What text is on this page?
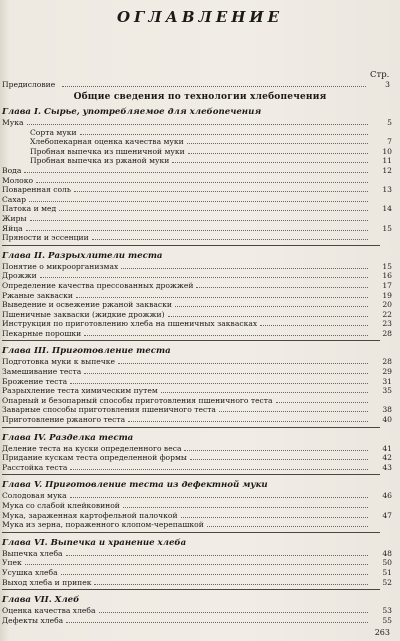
ОГЛАВЛЕНИЕ
Стр.
Предисловие	3
Общие сведения по технологии хлебопечения
Глава I. Сырье, употребляемое для хлебопечения
Мука	5
Сорта муки
Хлебопекарная оценка качества муки	7
Пробная выпечка из пшеничной муки	10
Пробная выпечка из ржаной муки	11
Вода	12
Молоко
Поваренная соль	13
Сахар
Патока и мед	14
Жиры
Яйца	15
Пряности и эссенции
Глава II. Разрыхлители теста
Понятие о микроорганизмах	15
Дрожжи	16
Определение качества прессованных дрожжей	17
Ржаные закваски	19
Выведение и освежение ржаной закваски	20
Пшеничные закваски (жидкие дрожжи)	22
Инструкция по приготовлению хлеба на пшеничных заквасках	23
Пекарные порошки	28
Глава III. Приготовление теста
Подготовка муки к выпечке	28
Замешивание теста	29
Брожение теста	31
Разрыхление теста химическим путем	35
Опарный и безопарный способы приготовления пшеничного теста
Заварные способы приготовления пшеничного теста	38
Приготовление ржаного теста	40
Глава IV. Разделка теста
Деление теста на куски определенного веса	41
Придание кускам теста определенной формы	42
Расстойка теста	43
Глава V. Приготовление теста из дефектной муки
Солодовая мука	46
Мука со слабой клейковиной
Мука, зараженная картофельной палочкой	47
Мука из зерна, пораженного клопом-черепашкой
Глава VI. Выпечка и хранение хлеба
Выпечка хлеба	48
Упек	50
Усушка хлеба	51
Выход хлеба и припек	52
Глава VII. Хлеб
Оценка качества хлеба	53
Дефекты хлеба	55
263
